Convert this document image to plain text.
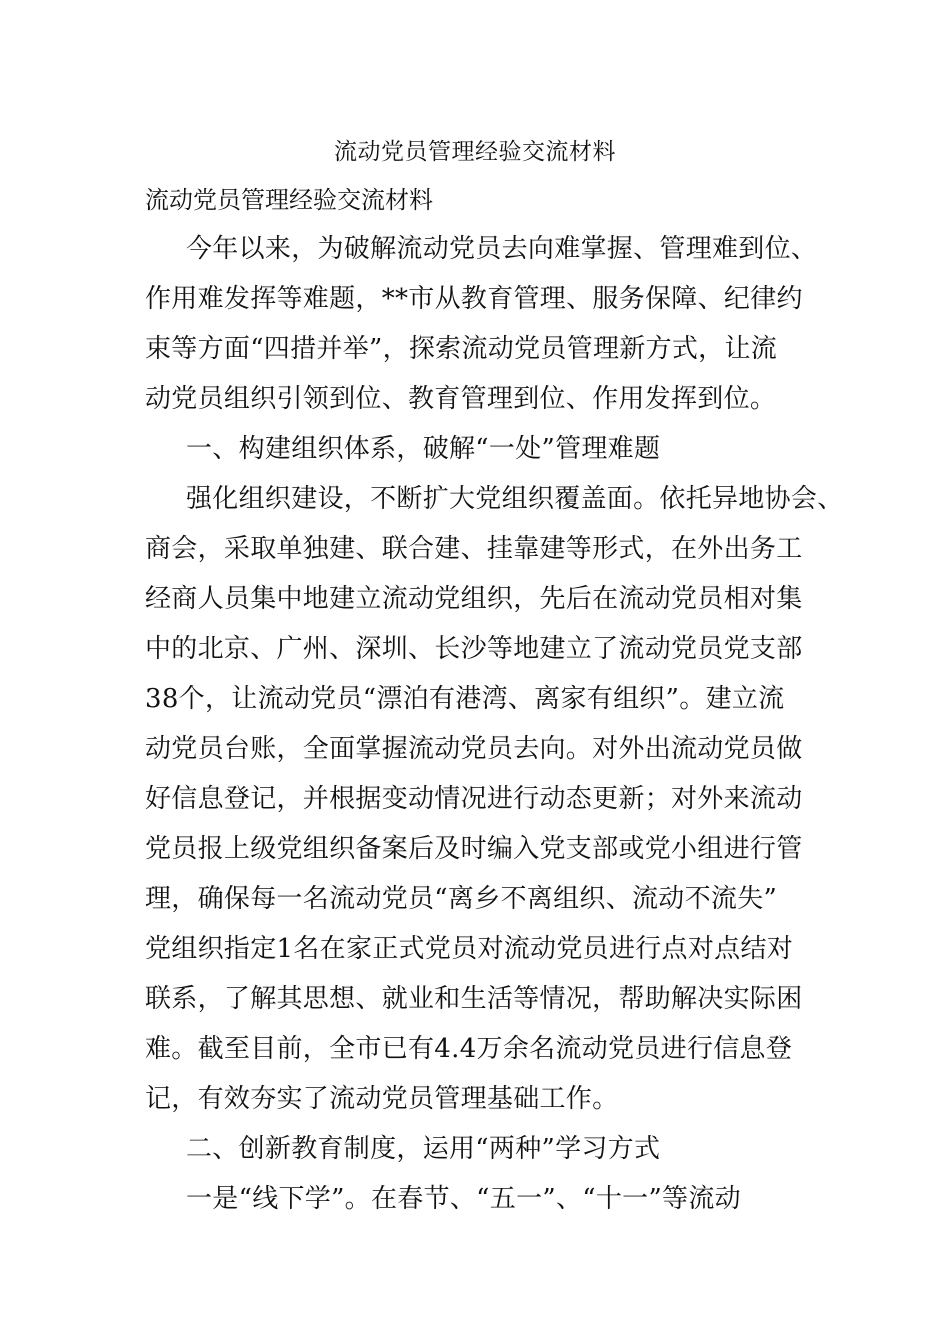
流动党员管理经验交流材料
流动党员管理经验交流材料
今年以来，为破解流动党员去向难掌握、管理难到位、
作用难发挥等难题，**市从教育管理、服务保障、纪律约
束等方面“四措并举”，探索流动党员管理新方式，让流
动党员组织引领到位、教育管理到位、作用发挥到位。
一、构建组织体系，破解“一处”管理难题
强化组织建设，不断扩大党组织覆盖面。依托异地协会、
商会，采取单独建、联合建、挂靠建等形式，在外出务工
经商人员集中地建立流动党组织，先后在流动党员相对集
中的北京、广州、深圳、长沙等地建立了流动党员党支部
38个，让流动党员“漂泊有港湾、离家有组织”。建立流
动党员台账，全面掌握流动党员去向。对外出流动党员做
好信息登记，并根据变动情况进行动态更新；对外来流动
党员报上级党组织备案后及时编入党支部或党小组进行管
理，确保每一名流动党员“离乡不离组织、流动不流失”
党组织指定1名在家正式党员对流动党员进行点对点结对
联系，了解其思想、就业和生活等情况，帮助解决实际困
难。截至目前，全市已有4.4万余名流动党员进行信息登
记，有效夯实了流动党员管理基础工作。
二、创新教育制度，运用“两种”学习方式
一是“线下学”。在春节、“五一”、“十一”等流动
